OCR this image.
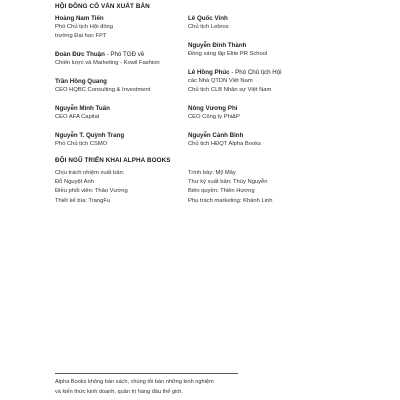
HỘI ĐỒNG CỐ VẤN XUẤT BẢN
Hoàng Nam Tiến
Phó Chủ tịch Hội đồng
trường Đại học FPT
Đoàn Đức Thuận - Phó TGĐ về
Chiến lược và Marketing - Kowil Fashion
Trần Hồng Quang
CEO HQBC Consulting & Investment
Nguyễn Minh Tuấn
CEO AFA Capital
Nguyễn T. Quỳnh Trang
Phó Chủ tịch CSMO
Lê Quốc Vinh
Chủ tịch Lebros
Nguyễn Đình Thành
Đồng sáng lập Elite PR School
Lê Hồng Phúc - Phó Chủ tịch Hội
các Nhà QTDN Việt Nam
Chủ tịch CLB Nhân sự Việt Nam
Nông Vương Phi
CEO Công ty Phi&P
Nguyễn Cảnh Bình
Chủ tịch HĐQT Alpha Books
ĐỘI NGŨ TRIỂN KHAI ALPHA BOOKS
Chịu trách nhiệm xuất bản:
Đỗ Nguyệt Anh
Điều phối viên: Thảo Vương
Thiết kế bìa: TrangFu
Trình bày: Mỹ Mây
Thư ký xuất bản: Thùy Nguyễn
Biên quyền: Thiên Hương
Phụ trách marketing: Khánh Linh
Alpha Books không bán sách, chúng tôi bán những kinh nghiệm
và kiến thức kinh doanh, quản trị hàng đầu thế giới.
